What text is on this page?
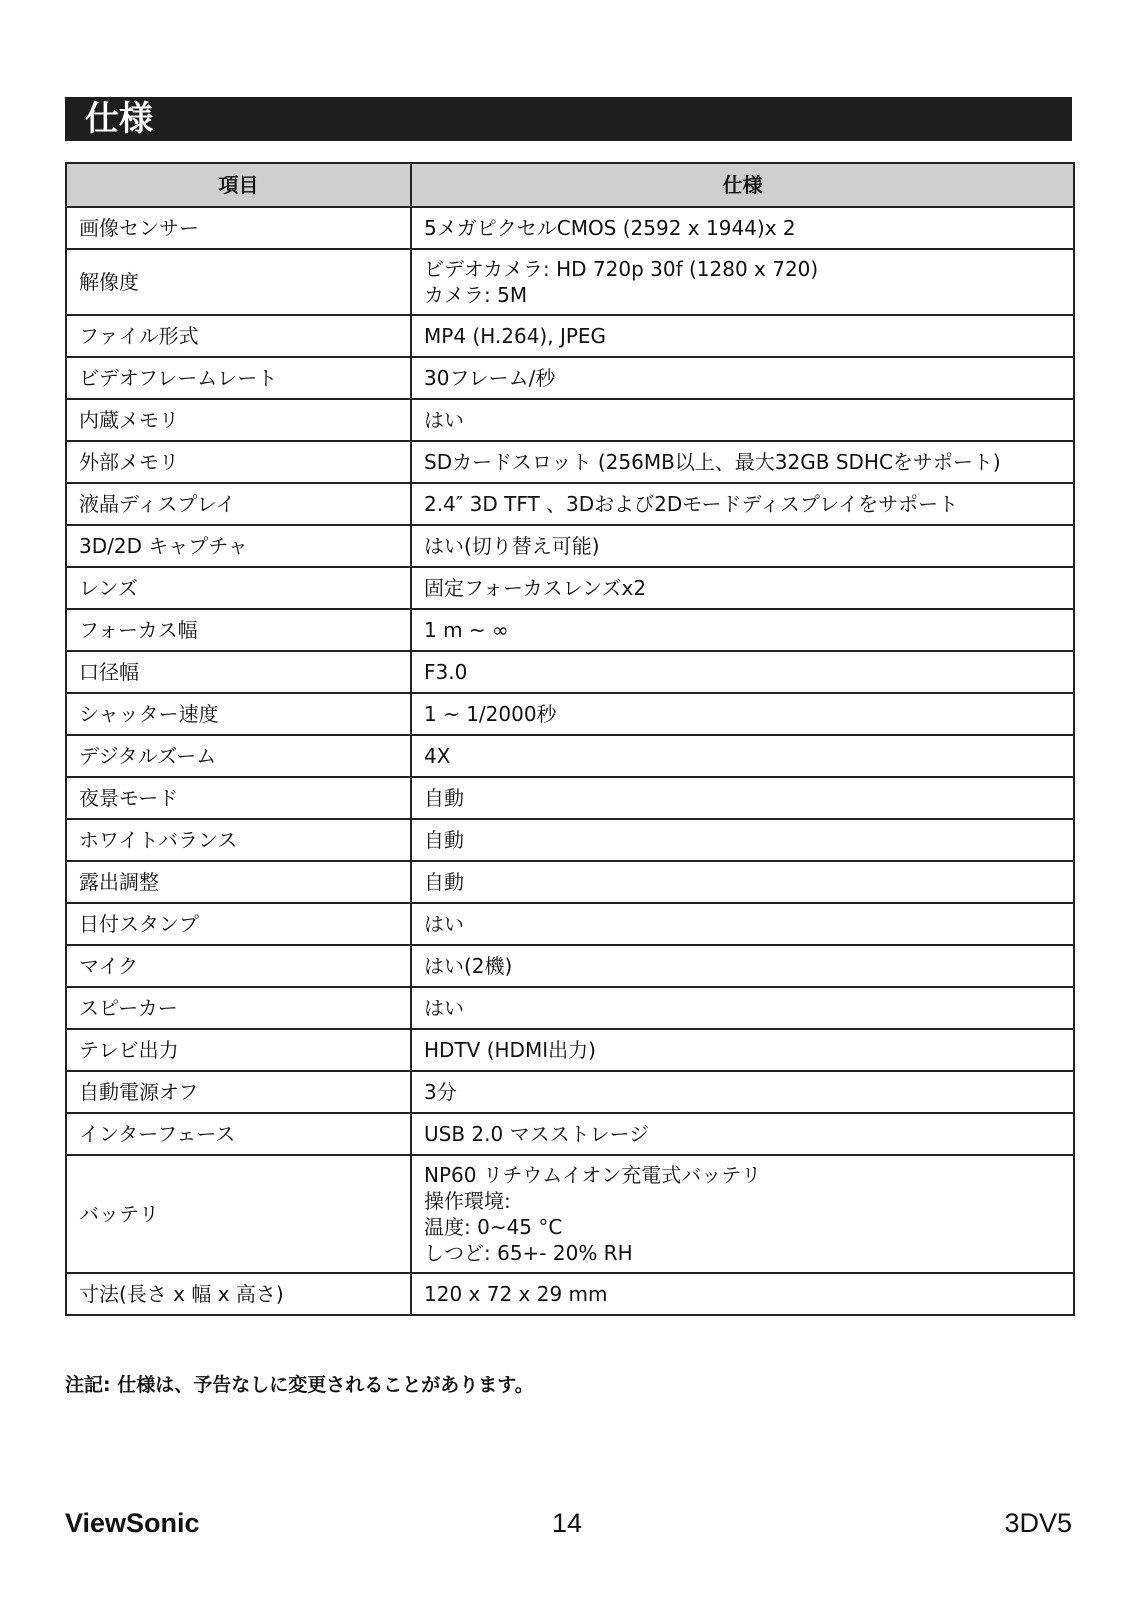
仕様
項目	仕様
画像センサー	5メガピクセルCMOS (2592 x 1944)x 2

解像度	ビデオカメラ: HD 720p 30f (1280 x 720)
カメラ: 5M

ファイル形式	MP4 (H.264), JPEG

ビデオフレームレート	30フレーム/秒

内蔵メモリ	はい

外部メモリ	SDカードスロット (256MB以上、最大32GB SDHCをサポート)

液晶ディスプレイ	2.4″ 3D TFT 、3Dおよび2Dモードディスプレイをサポート

3D/2D キャプチャ	はい(切り替え可能)

レンズ	固定フォーカスレンズx2

フォーカス幅	1 m ~ ∞

口径幅	F3.0

シャッター速度	1 ~ 1/2000秒

デジタルズーム	4X

夜景モード	自動

ホワイトバランス	自動

露出調整	自動

日付スタンプ	はい

マイク	はい(2機)

スピーカー	はい

テレビ出力	HDTV (HDMI出力)

自動電源オフ	3分

インターフェース	USB 2.0 マスストレージ

バッテリ	NP60 リチウムイオン充電式バッテリ
操作環境:
温度: 0~45 °C
しつど: 65+- 20% RH

寸法(長さ x 幅 x 高さ)	120 x 72 x 29 mm
注記: 仕様は、予告なしに変更されることがあります。
ViewSonic	14	3DV5
